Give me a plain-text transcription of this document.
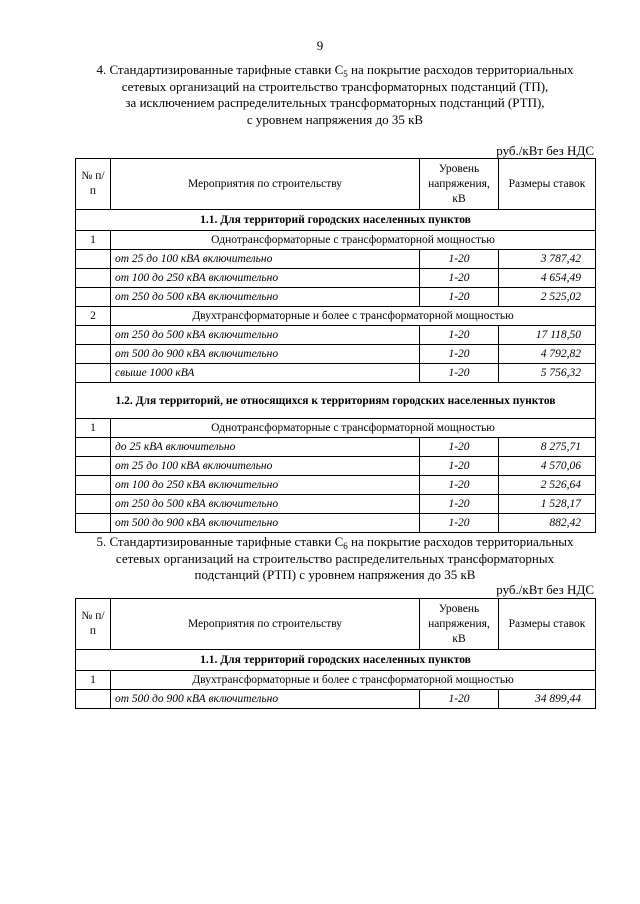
9
4. Стандартизированные тарифные ставки $С_5$ на покрытие расходов территориальных
сетевых организаций на строительство трансформаторных подстанций (ТП),
за исключением распределительных трансформаторных подстанций (РТП),
с уровнем напряжения до 35 кВ
руб./кВт без НДС
№ п/п	Мероприятия по строительству	Уровень напряжения, кВ	Размеры ставок
1.1. Для территорий городских населенных пунктов			
1	Однотрансформаторные с трансформаторной мощностью		
	от 25 до 100 кВА включительно	1-20	3 787,42
	от 100 до 250 кВА включительно	1-20	4 654,49
	от 250 до 500 кВА включительно	1-20	2 525,02
2	Двухтрансформаторные и более с трансформаторной мощностью		
	от 250 до 500 кВА включительно	1-20	17 118,50
	от 500 до 900 кВА включительно	1-20	4 792,82
	свыше 1000 кВА	1-20	5 756,32
1.2. Для территорий, не относящихся к территориям городских населенных пунктов			
1	Однотрансформаторные с трансформаторной мощностью		
	до 25 кВА включительно	1-20	8 275,71
	от 25 до 100 кВА включительно	1-20	4 570,06
	от 100 до 250 кВА включительно	1-20	2 526,64
	от 250 до 500 кВА включительно	1-20	1 528,17
	от 500 до 900 кВА включительно	1-20	882,42
5. Стандартизированные тарифные ставки $С_6$ на покрытие расходов территориальных
сетевых организаций на строительство распределительных трансформаторных
подстанций (РТП) с уровнем напряжения до 35 кВ
руб./кВт без НДС
№ п/п	Мероприятия по строительству	Уровень напряжения, кВ	Размеры ставок
1.1. Для территорий городских населенных пунктов			
1	Двухтрансформаторные и более с трансформаторной мощностью		
	от 500 до 900 кВА включительно	1-20	34 899,44
